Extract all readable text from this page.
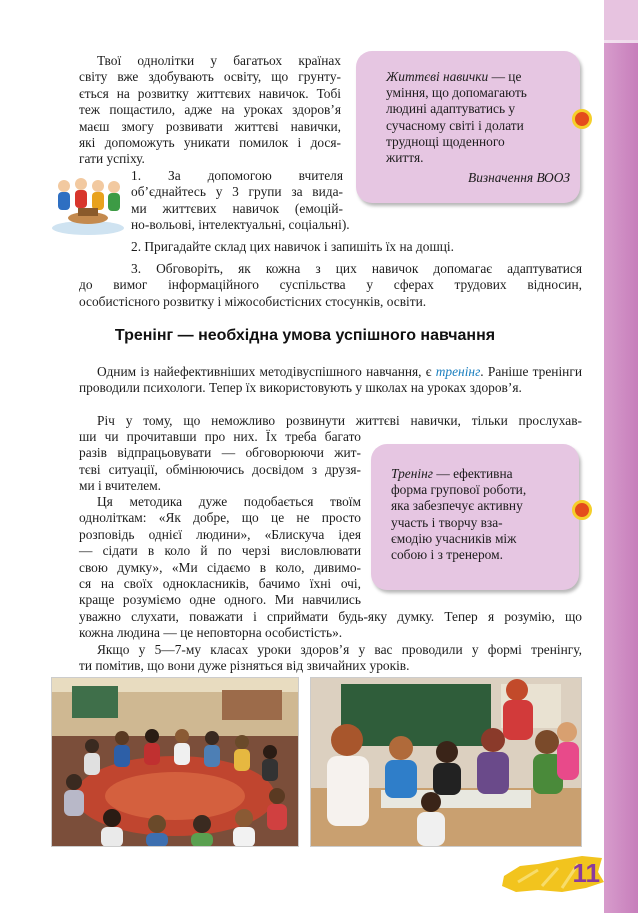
Твої однолітки у багатьох країнах

світу вже здобувають освіту, що грунту-

ється на розвитку життєвих навичок. Тобі

теж пощастило, адже на уроках здоров’я

маєш змогу розвивати життєві навички,

які допоможуть уникати помилок і дося-

гати успіху.

1. За допомогою вчителя

об’єднайтесь у 3 групи за вида-

ми життєвих навичок (емоцій-

но-вольові, інтелектуальні, соціальні).

2. Пригадайте склад цих навичок і запишіть їх на дошці.

3. Обговоріть, як кожна з цих навичок допомагає адаптуватися

до вимог інформаційного суспільства у сферах трудових відносин,

особистісного розвитку і міжособистісних стосунків, освіти.

Життєві навички — це
уміння, що допомагають
людині адаптуватись у
сучасному світі і долати
труднощі щоденного
життя.
Визначення ВООЗ
Тренінг — необхідна умова успішного навчання

Одним із найефективніших методівуспішного навчання, є тренінг. Раніше тренінги проводили психологи. Тепер їх використовують у школах на уроках здоров’я.

Річ у тому, що неможливо розвинути життєві навички, тільки прослухав-

ши чи прочитавши про них. Їх треба багато

разів відпрацьовувати — обговорюючи жит-

тєві ситуації, обмінюючись досвідом з друзя-

ми і вчителем.

Ця методика дуже подобається твоїм

одноліткам: «Як добре, що це не просто

розповідь однієї людини», «Блискуча ідея

— сідати в коло й по черзі висловлювати

свою думку», «Ми сідаємо в коло, дивимо-

ся на своїх однокласників, бачимо їхні очі,

краще розуміємо одне одного. Ми навчились

уважно слухати, поважати і сприймати будь-яку думку. Тепер я розумію, що

кожна людина — це неповторна особистість».

Якщо у 5—7-му класах уроки здоров’я у вас проводили у формі тренінгу,

ти помітив, що вони дуже різняться від звичайних уроків.

Тренінг — ефективна
форма групової роботи,
яка забезпечує активну
участь і творчу вза-
ємодію учасників між
собою і з тренером.
11
